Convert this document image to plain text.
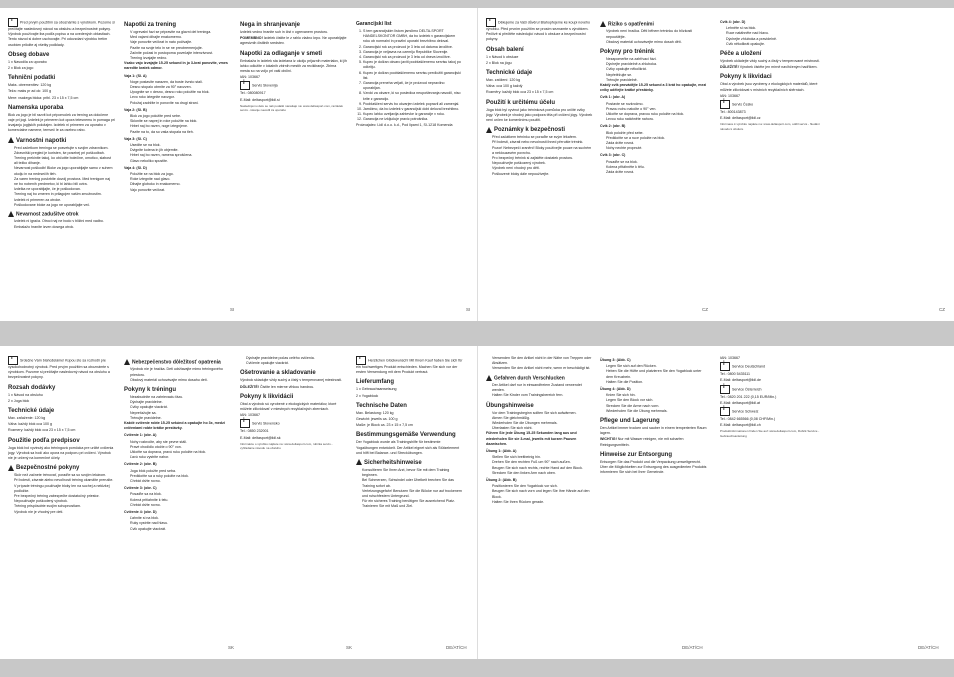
iPred prvým použitím sa oboznámte s výrobkom. Pozorne si prečítajte nasledovný návod na obsluhu a bezpečnostné pokyny. Výrobok používajte iba podľa popisu a na uvedených oblastiach. Tento návod si dobre uschovajte. Pri odovzdaní výrobku tretím osobám priložte aj všetky podklady.

Obseg dobave

1 x Navodila za uporabo

2 x Blok za jogo

Tehnični podatki

Maks. obremenitev: 120 kg

Teža: maks pr ad ok: 100 g

Mere: vsakega bloka: pribl. 23 x 15 x 7,5 cm

Namenska uporaba

Blok za jogo je bil razvit kot pripomoček za trening za določene vaje pri jogi. Izdelek je primeren kot opora telesnemu in pomaga pri izvajanju jogijskih položajev. Izdelek ni primeren za uporabo v komercialne namene, temveč le za osebno rabo.

Varnostni napotki
• Pred začetkom treninga se posvetujte s svojim zdravnikom. Zdravniški pregled je koristen, še posebej pri poškodbah.
• Trening prekinite takoj, ko občutite bolečine, omotico, slabost ali težko dihanje.
• Nevarnost poškodb! Bloke za jogo uporabljajte samo v suhem okolju in na nedrsečih tleh.
• Za varen trening poskrbite dovolj prostora. Med trenigom naj ne bo nobenih predmetov, ki bi lahko bili ovira.
• Izdelka ne uporabljajte, če je poškodovan.
• Trening naj bo zmeren in prilagojen vašim zmožnostim.
• Izdelek ni primeren za otroke.
• Poškodovane bloke za jogo ne uporabljajte več.
Nevarnost zadušitve otrok
• Izdelek ni igrača. Otroci naj ne bodo v bližini med vadbo.
• Embalažo hranite izven dosega otrok.
Napotki za trening
• V ogrevalni fazi se pripravite na glavni del treninga.
• Med vajami dihajte enakomerno.
• Vaje ponovite večkrat in nato počivajte.
• Pazite na svoje telo in se ne preobremenjujte.
• Začnite počasi in postopoma povečajte intenzivnost.
• Trening izvajajte redno.

Vsako vajo izvajajte 15-25 sekund in jo 3-krat ponovite, vmes naredite kratek odmor.

Vaja 1: (Sl. A)

• Noge postavite narazen, da boste čvrsto stali.
• Desno stopalo obrnite za 90° navzven.
• Upognite se v desno, desno roko položite na blok.
• Levo roko iztegnite navzgor.
• Položaj zadržite in ponovite na drugi strani.

Vaja 2: (Sl. B)

• Blok za jogo položite pred sebe.
• Sklonite se naprej in roke položite na blok.
• Hrbet naj bo raven, noge iztegnjene.
• Pazite na to, da so vaša stopala na tleh.

Vaja 3: (Sl. C)

• Usedite se na blok.
• Dvignite kolena in jih objemite.
• Hrbet naj bo raven, ramena sproščena.
• Glavo nekoliko spustite.

Vaja 4: (Sl. D)

• Položite se na blok za jogo.
• Roke iztegnite nad glavo.
• Dihajte globoko in enakomerno.
• Vajo ponovite večkrat.
Nega in shranjevanje

Izdelek vedno hranite suh in čist v ogrevanem prostoru.

POMEMBNO! Izdelek čistite le z rahlo vlažno krpo. Ne uporabljajte agresivnih čistilnih sredstev.

Napotki za odlaganje v smeti

Embalaža in izdelek sta izdelana iz okolju prijaznih materialov, ki jih lahko odložite v lokalnih zbirnih mestih za recikliranje. Zbirna mesta so na voljo pri vaši občini.

IAN: 103667

iServis Slovenija

Tel.: 080080917

E-Mail: deltasport@lidl.si

Naslednjemu delu se naš podatki nanašajo na: www.deltasport.com, razdelek servis - iskanje navodil za uporabo

Garancijski list
1. S tem garancijskim listom jamčimo DELTA-SPORT HANDELSKONTOR GMBH, da bo izdelek v garancijskem roku ob normalni in pravilni uporabi brezhibno deloval.
2. Garancijski rok za proizvod je 3 leta od datuma izročitve.
3. Garancija je veljavna na ozemlju Republike Slovenije.
4. Garancijski rok za proizvod je 3 leta od dneva izročitve.
5. Kupec je dolžan okvaro javiti pooblaščenemu servisu takoj po odkritju.
6. Kupec je dolžan pooblaščenemu servisu predložiti garancijski list.
7. Garancija preneha veljati, če je proizvod nepravilno uporabljan.
8. Vzroki za okvare, ki so posledica neupoštevanja navodil, niso krite z garancijo.
9. Pooblaščeni servis bo okvarjen izdelek popravil ali zamenjal.
10. Jamčimo, da bo izdelek v garancijski dobi deloval brezhibno.
11. Kupec lahko uveljavlja zahtevke iz garancije v roku.
12. Garancija ne izključuje pravic potrošnika.

Proizvajalec: Lidl d.o.o. k.d., Pod lipami 1, SI-1218 Komenda

iDěkujeme za Vaši důvěru! Blahopřejeme ke koupi nového výrobku. Před prvním použitím se prosím seznamte s výrobkem. Pečlivě si přečtěte následující návod k obsluze a bezpečnostní pokyny.

Obsah balení

1 x Návod k obsluze

2 x Blok na jógu

Technické údaje

Max. zatížení: 120 kg

Váha: cca 100 g každý

Rozměry: každý blok cca 23 x 15 x 7,5 cm

Použití k určitému účelu

Jóga blok byl vyvinut jako tréninková pomůcka pro určité cviky jógy. Výrobek je vhodný jako podpora těla při cvičení jógy. Výrobek není určen ke komerčnímu použití.

Poznámky k bezpečnosti
• Před začátkem tréninku se poraďte se svým lékařem.
• Při bolesti, závrati nebo nevolnosti ihned přerušte trénink.
• Pozor! Nebezpečí zranění! Bloky používejte pouze na suchém a neklouzavém povrchu.
• Pro bezpečný trénink si zajistěte dostatek prostoru.
• Nepoužívejte poškozený výrobek.
• Výrobek není vhodný pro děti.
• Poškozené bloky dále nepoužívejte.
Riziko s opatřeními
• Výrobek není hračka. Děti během tréninku do blízkosti nepouštějte.
• Obalový materiál uchovávejte mimo dosah dětí.
Pokyny pro trénink
• Nezapomeňte na zahřívací fázi.
• Dýchejte pravidelně a zhluboka.
• Cviky opakujte několikrát.
• Nepřetěžujte se.
• Trénujte pravidelně.

Každý cvik provádějte 15-25 sekund a 3 krát ho opakujte, mezi cviky udělejte krátké přestávky.

Cvik 1: (obr. A)

• Postavte se rozkročmo.
• Pravou nohu natočte o 90° ven.
• Ukloňte se doprava, pravou ruku položte na blok.
• Levou ruku natáhněte nahoru.

Cvik 2: (obr. B)

• Blok položte před sebe.
• Předkloňte se a ruce položte na blok.
• Záda držte rovná.
• Nohy nechte propnuté.

Cvik 3: (obr. C)

• Posaďte se na blok.
• Kolena přitáhněte k tělu.
• Záda držte rovná.

Cvik 4: (obr. D)

• Lehněte si na blok.
• Ruce natáhněte nad hlavu.
• Dýchejte zhluboka a pravidelně.
• Cvik několikrát opakujte.
Péče a uložení

Výrobek ukládejte vždy suchý a čistý v temperované místnosti.

DŮLEŽITÉ! Výrobek čistěte jen mírně navlhčeným hadříkem.

Pokyny k likvidaci

Obal a výrobek jsou vyrobeny z ekologických materiálů, které můžete zlikvidovat v místních recyklačních sběrnách.

IAN: 103667

iServis Česko

Tel.: 800143873

E-Mail: deltasport@lidl.cz

Informace k výrobku najdete na: www.deltasport.com, oddíl servis - hledání návodu k obsluze

SI	SI	CZ	CZ

iSrdečne Vám blahoželáme! Kúpou ste sa rozhodli pre vysokohodnotný výrobok. Pred prvým použitím sa oboznámte s výrobkom. Pozorne si prečítajte nasledovný návod na obsluhu a bezpečnostné pokyny.

Rozsah dodávky

1 x Návod na obsluhu

2 x Joga blok

Technické údaje

Max. zaťaženie: 120 kg

Váha: každý blok cca 100 g

Rozmery: každý blok cca 23 x 15 x 7,5 cm

Použitie podľa predpisov

Joga blok bol vyvinutý ako tréningová pomôcka pre určité cvičenia jogy. Výrobok sa hodí ako opora na podporu pri cvičení. Výrobok nie je určený na komerčné účely.

Bezpečnostné pokyny
• Skôr než začnete trénovať, poraďte sa so svojím lekárom.
• Pri bolesti, závrate alebo nevoľnosti tréning okamžite prerušte.
• V prípade tréningu používajte bloky len na suchej a neklzkej podložke.
• Pre bezpečný tréning zabezpečte dostatočný priestor.
• Nepoužívajte poškodený výrobok.
• Tréning prispôsobte svojim schopnostiam.
• Výrobok nie je vhodný pre deti.
Nebezpečenstvo dôležitosť opatrenia
• Výrobok nie je hračka. Deti udržiavajte mimo tréningového priestoru.
• Obalový materiál uchovávajte mimo dosahu detí.
Pokyny k tréningu
• Nezabudnite na zahrievaciu fázu.
• Dýchajte pravidelne.
• Cviky opakujte viackrát.
• Nepreťažujte sa.
• Trénujte pravidelne.

Každé cvičenie robte 15-25 sekúnd a opakujte ho 3x, medzi cvičeniami robte krátke prestávky.

Cvičenie 1: (obr. A)

• Nohy rozkročte, aby ste pevne stáli.
• Pravé chodidlo otočte o 90° von.
• Ukloňte sa doprava, pravú ruku položte na blok.
• Ľavú ruku vystrite nahor.

Cvičenie 2: (obr. B)

• Joga blok položte pred seba.
• Predkloňte sa a ruky položte na blok.
• Chrbát držte rovno.

Cvičenie 3: (obr. C)

• Posaďte sa na blok.
• Kolená pritiahnite k telu.
• Chrbát držte rovno.

Cvičenie 4: (obr. D)

• Ľahnite si na blok.
• Ruky vystrite nad hlavu.
• Cvik opakujte viackrát.
• Dýchajte pravidelne počas celého cvičenia.
• Cvičenie opakujte viackrát.
Ošetrovanie a skladovanie

Výrobok skladujte vždy suchý a čistý v temperovanej miestnosti.

DÔLEŽITÉ! Čistite len mierne vlhkou handrou.

Pokyny k likvidácii

Obal a výrobok sú vyrobené z ekologických materiálov, ktoré môžete zlikvidovať v miestnych recyklačných zberniach.

IAN: 103667

iServis Slovensko

Tel.: 0850 232001

E-Mail: deltasport@lidl.sk

Informácie o výrobku nájdete na: www.deltasport.com, rubrika servis - vyhľadanie návodu na obsluhu

iHerzlichen Glückwunsch! Mit Ihrem Kauf haben Sie sich für ein hochwertiges Produkt entschieden. Machen Sie sich vor der ersten Verwendung mit dem Produkt vertraut.

Lieferumfang

1 x Gebrauchsanweisung

2 x Yogablock

Technische Daten

Max. Belastung: 120 kg

Gewicht: jeweils ca. 100 g

Maße: je Block ca. 23 x 15 x 7,5 cm

Bestimmungsgemäße Verwendung

Der Yogablock wurde als Trainingshilfe für bestimmte Yogaübungen entwickelt. Der Artikel eignet sich als Stützelement und hilft bei Balance- und Streckübungen.

Sicherheitshinweise
• Konsultieren Sie Ihren Arzt, bevor Sie mit dem Training beginnen.
• Bei Schmerzen, Schwindel oder Übelkeit brechen Sie das Training sofort ab.
• Verletzungsgefahr! Benutzen Sie die Blöcke nur auf trockenem und rutschfestem Untergrund.
• Für ein sicheres Training benötigen Sie ausreichend Platz.
• Trainieren Sie mit Maß und Ziel.
• Verwenden Sie den Artikel nicht in der Nähe von Treppen oder Absätzen.
• Verwenden Sie den Artikel nicht mehr, wenn er beschädigt ist.
Gefahren durch Verschlucken
• Der Artikel darf nur in einwandfreiem Zustand verwendet werden.
• Halten Sie Kinder vom Trainingsbereich fern.
Übungshinweise
• Vor dem Trainingsbeginn sollten Sie sich aufwärmen.
• Atmen Sie gleichmäßig.
• Wiederholen Sie die Übungen mehrmals.
• Überlasten Sie sich nicht.

Führen Sie jede Übung 15-25 Sekunden lang aus und wiederholen Sie sie 3-mal, jeweils mit kurzen Pausen dazwischen.

Übung 1: (Abb. A)

• Stellen Sie sich breitbeinig hin.
• Drehen Sie den rechten Fuß um 90° nach außen.
• Beugen Sie sich nach rechts, rechte Hand auf den Block.
• Strecken Sie den linken Arm nach oben.

Übung 2: (Abb. B)

• Positionieren Sie den Yogablock vor sich.
• Beugen Sie sich nach vorn und legen Sie Ihre Hände auf den Block.
• Halten Sie Ihren Rücken gerade.

Übung 3: (Abb. C)

• Legen Sie sich auf den Rücken.
• Heben Sie die Hüfte und platzieren Sie den Yogablock unter dem Kreuzbein.
• Halten Sie die Position.

Übung 4: (Abb. D)

• Knien Sie sich hin.
• Legen Sie den Block vor sich.
• Strecken Sie die Arme nach vorn.
• Wiederholen Sie die Übung mehrmals.
Pflege und Lagerung

Den Artikel immer trocken und sauber in einem temperierten Raum lagern.

WICHTIG! Nur mit Wasser reinigen, nie mit scharfen Reinigungsmitteln.

Hinweise zur Entsorgung

Entsorgen Sie das Produkt und die Verpackung umweltgerecht. Über die Möglichkeiten zur Entsorgung des ausgedienten Produkts informieren Sie sich bei Ihrer Gemeinde.

IAN: 103667

iService Deutschland

Tel.: 0800 5435111

E-Mail: deltasport@lidl.de

iService Österreich

Tel.: 0820 201 222 (0,15 EUR/Min.)

E-Mail: deltasport@lidl.at

iService Schweiz

Tel.: 0842 665566 (0,08 CHF/Min.)

E-Mail: deltasport@lidl.ch

Produktinformationen finden Sie auf: www.deltasport.com, Rubrik Service - Gebrauchsanleitung

SK	SK	DE/AT/CH	DE/AT/CH	DE/AT/CH
